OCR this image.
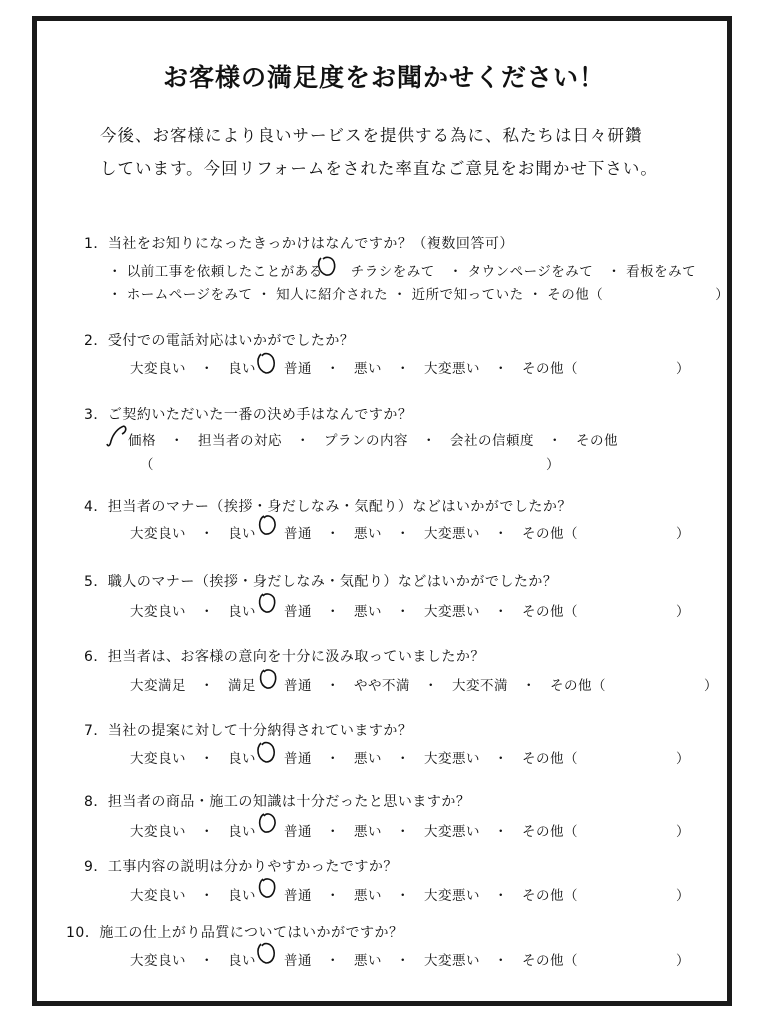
お客様の満足度をお聞かせください！
今後、お客様により良いサービスを提供する為に、私たちは日々研鑽
しています。今回リフォームをされた率直なご意見をお聞かせ下さい。
1．当社をお知りになったきっかけはなんですか？（複数回答可）
・ 以前工事を依頼したことがある　　チラシをみて　・ タウンページをみて　・ 看板をみて
・ ホームページをみて ・ 知人に紹介された ・ 近所で知っていた ・ その他（　　　　　　　　）
2．受付での電話対応はいかがでしたか？
大変良い　・　良い　　普通　・　悪い　・　大変悪い　・　その他（　　　　　　　）
3．ご契約いただいた一番の決め手はなんですか？
価格　・　担当者の対応　・　プランの内容　・　会社の信頼度　・　その他
（　　　　　　　　　　　　　　　　　　　　　　　　　　　　）
4．担当者のマナー（挨拶・身だしなみ・気配り）などはいかがでしたか？
大変良い　・　良い　　普通　・　悪い　・　大変悪い　・　その他（　　　　　　　）
5．職人のマナー（挨拶・身だしなみ・気配り）などはいかがでしたか？
大変良い　・　良い　　普通　・　悪い　・　大変悪い　・　その他（　　　　　　　）
6．担当者は、お客様の意向を十分に汲み取っていましたか？
大変満足　・　満足　　普通　・　やや不満　・　大変不満　・　その他（　　　　　　　）
7．当社の提案に対して十分納得されていますか？
大変良い　・　良い　　普通　・　悪い　・　大変悪い　・　その他（　　　　　　　）
8．担当者の商品・施工の知識は十分だったと思いますか？
大変良い　・　良い　　普通　・　悪い　・　大変悪い　・　その他（　　　　　　　）
9．工事内容の説明は分かりやすかったですか？
大変良い　・　良い　　普通　・　悪い　・　大変悪い　・　その他（　　　　　　　）
10．施工の仕上がり品質についてはいかがですか？
大変良い　・　良い　　普通　・　悪い　・　大変悪い　・　その他（　　　　　　　）
